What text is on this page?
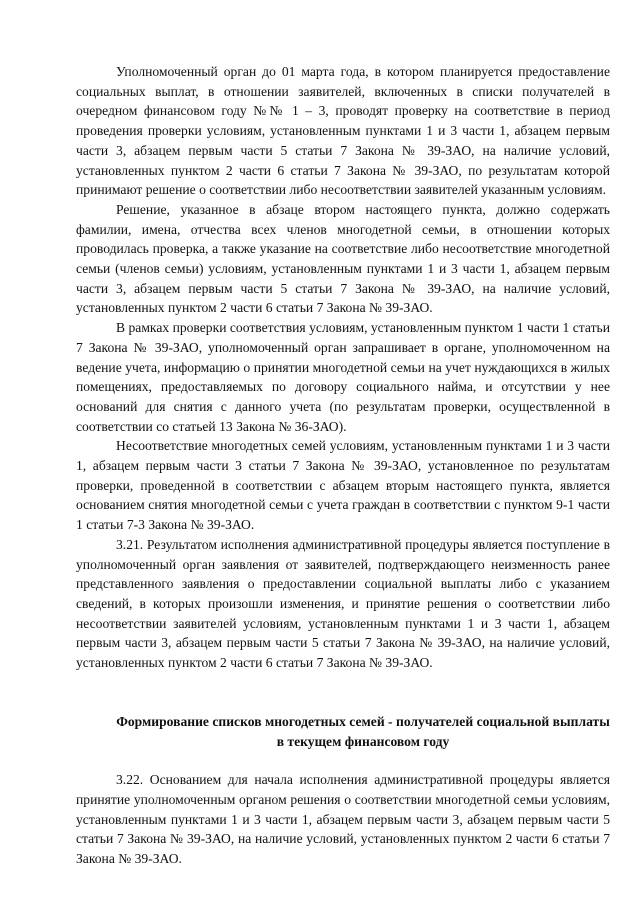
Уполномоченный орган до 01 марта года, в котором планируется предоставление социальных выплат, в отношении заявителей, включенных в списки получателей в очередном финансовом году №№ 1 – 3, проводят проверку на соответствие в период проведения проверки условиям, установленным пунктами 1 и 3 части 1, абзацем первым части 3, абзацем первым части 5 статьи 7 Закона № 39-ЗАО, на наличие условий, установленных пунктом 2 части 6 статьи 7 Закона № 39-ЗАО, по результатам которой принимают решение о соответствии либо несоответствии заявителей указанным условиям.

Решение, указанное в абзаце втором настоящего пункта, должно содержать фамилии, имена, отчества всех членов многодетной семьи, в отношении которых проводилась проверка, а также указание на соответствие либо несоответствие многодетной семьи (членов семьи) условиям, установленным пунктами 1 и 3 части 1, абзацем первым части 3, абзацем первым части 5 статьи 7 Закона № 39-ЗАО, на наличие условий, установленных пунктом 2 части 6 статьи 7 Закона № 39-ЗАО.

В рамках проверки соответствия условиям, установленным пунктом 1 части 1 статьи 7 Закона № 39-ЗАО, уполномоченный орган запрашивает в органе, уполномоченном на ведение учета, информацию о принятии многодетной семьи на учет нуждающихся в жилых помещениях, предоставляемых по договору социального найма, и отсутствии у нее оснований для снятия с данного учета (по результатам проверки, осуществленной в соответствии со статьей 13 Закона № 36-ЗАО).

Несоответствие многодетных семей условиям, установленным пунктами 1 и 3 части 1, абзацем первым части 3 статьи 7 Закона № 39-ЗАО, установленное по результатам проверки, проведенной в соответствии с абзацем вторым настоящего пункта, является основанием снятия многодетной семьи с учета граждан в соответствии с пунктом 9-1 части 1 статьи 7-3 Закона № 39-ЗАО.

3.21. Результатом исполнения административной процедуры является поступление в уполномоченный орган заявления от заявителей, подтверждающего неизменность ранее представленного заявления о предоставлении социальной выплаты либо с указанием сведений, в которых произошли изменения, и принятие решения о соответствии либо несоответствии заявителей условиям, установленным пунктами 1 и 3 части 1, абзацем первым части 3, абзацем первым части 5 статьи 7 Закона № 39-ЗАО, на наличие условий, установленных пунктом 2 части 6 статьи 7 Закона № 39-ЗАО.

Формирование списков многодетных семей - получателей социальной выплаты в текущем финансовом году

3.22. Основанием для начала исполнения административной процедуры является принятие уполномоченным органом решения о соответствии многодетной семьи условиям, установленным пунктами 1 и 3 части 1, абзацем первым части 3, абзацем первым части 5 статьи 7 Закона № 39-ЗАО, на наличие условий, установленных пунктом 2 части 6 статьи 7 Закона № 39-ЗАО.
